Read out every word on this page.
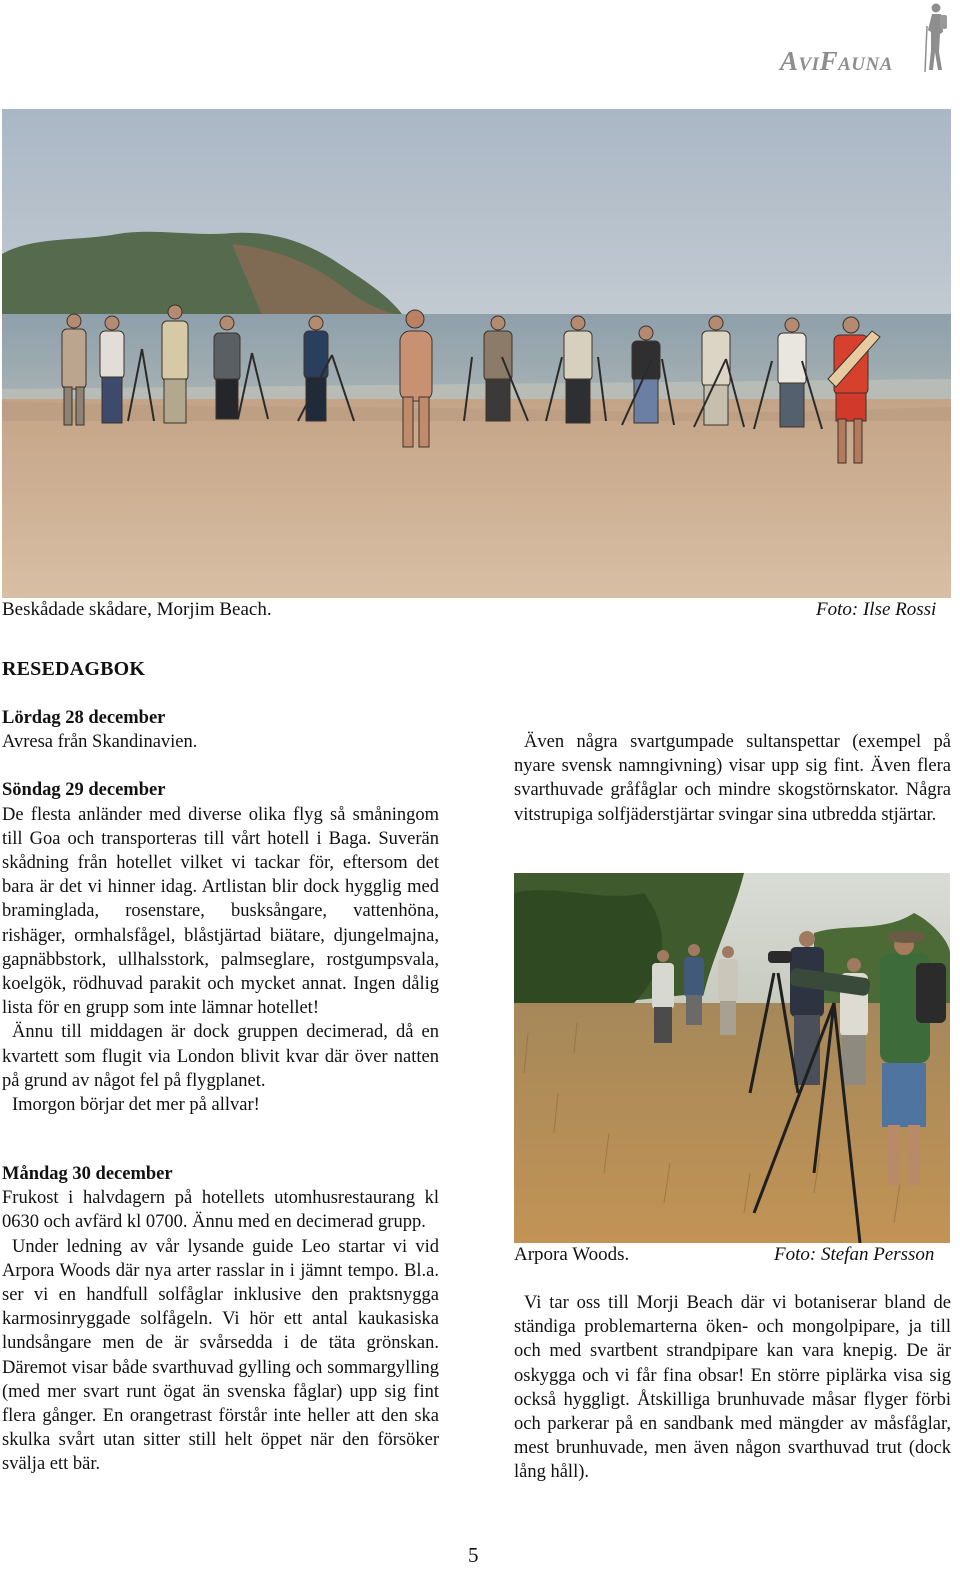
AviFauna
Beskådade skådare, Morjim Beach.	Foto: Ilse Rossi
RESEDAGBOK

Lördag 28 december

Avresa från Skandinavien.

Söndag 29 december

De flesta anländer med diverse olika flyg så småningom till Goa och transporteras till vårt hotell i Baga. Suverän skådning från hotellet vilket vi tackar för, eftersom det bara är det vi hinner idag. Artlistan blir dock hygglig med braminglada, rosenstare, busksångare, vattenhöna, rishäger, ormhalsfågel, blåstjärtad biätare, djungelmajna, gapnäbbstork, ullhalsstork, palmseglare, rostgumpsvala, koelgök, rödhuvad parakit och mycket annat. Ingen dålig lista för en grupp som inte lämnar hotellet!

Ännu till middagen är dock gruppen decimerad, då en kvartett som flugit via London blivit kvar där över natten på grund av något fel på flygplanet.

Imorgon börjar det mer på allvar!

Måndag 30 december

Frukost i halvdagern på hotellets utomhusrestaurang kl 0630 och avfärd kl 0700. Ännu med en decimerad grupp.

Under ledning av vår lysande guide Leo startar vi vid Arpora Woods där nya arter rasslar in i jämnt tempo. Bl.a. ser vi en handfull solfåglar inklusive den praktsnygga karmosinryggade solfågeln. Vi hör ett antal kaukasiska lundsångare men de är svårsedda i de täta grönskan. Däremot visar både svarthuvad gylling och sommargylling (med mer svart runt ögat än svenska fåglar) upp sig fint flera gånger. En orangetrast förstår inte heller att den ska skulka svårt utan sitter still helt öppet när den försöker svälja ett bär.

Även några svartgumpade sultanspettar (exempel på nyare svensk namngivning) visar upp sig fint. Även flera svarthuvade gråfåglar och mindre skogstörnskator. Några vitstrupiga solfjäderstjärtar svingar sina utbredda stjärtar.

Arpora Woods.	Foto: Stefan Persson

Vi tar oss till Morji Beach där vi botaniserar bland de ständiga problemarterna öken- och mongolpipare, ja till och med svartbent strandpipare kan vara knepig. De är oskygga och vi får fina obsar! En större piplärka visa sig också hyggligt. Åtskilliga brunhuvade måsar flyger förbi och parkerar på en sandbank med mängder av måsfåglar, mest brunhuvade, men även någon svarthuvad trut (dock lång håll).

5
